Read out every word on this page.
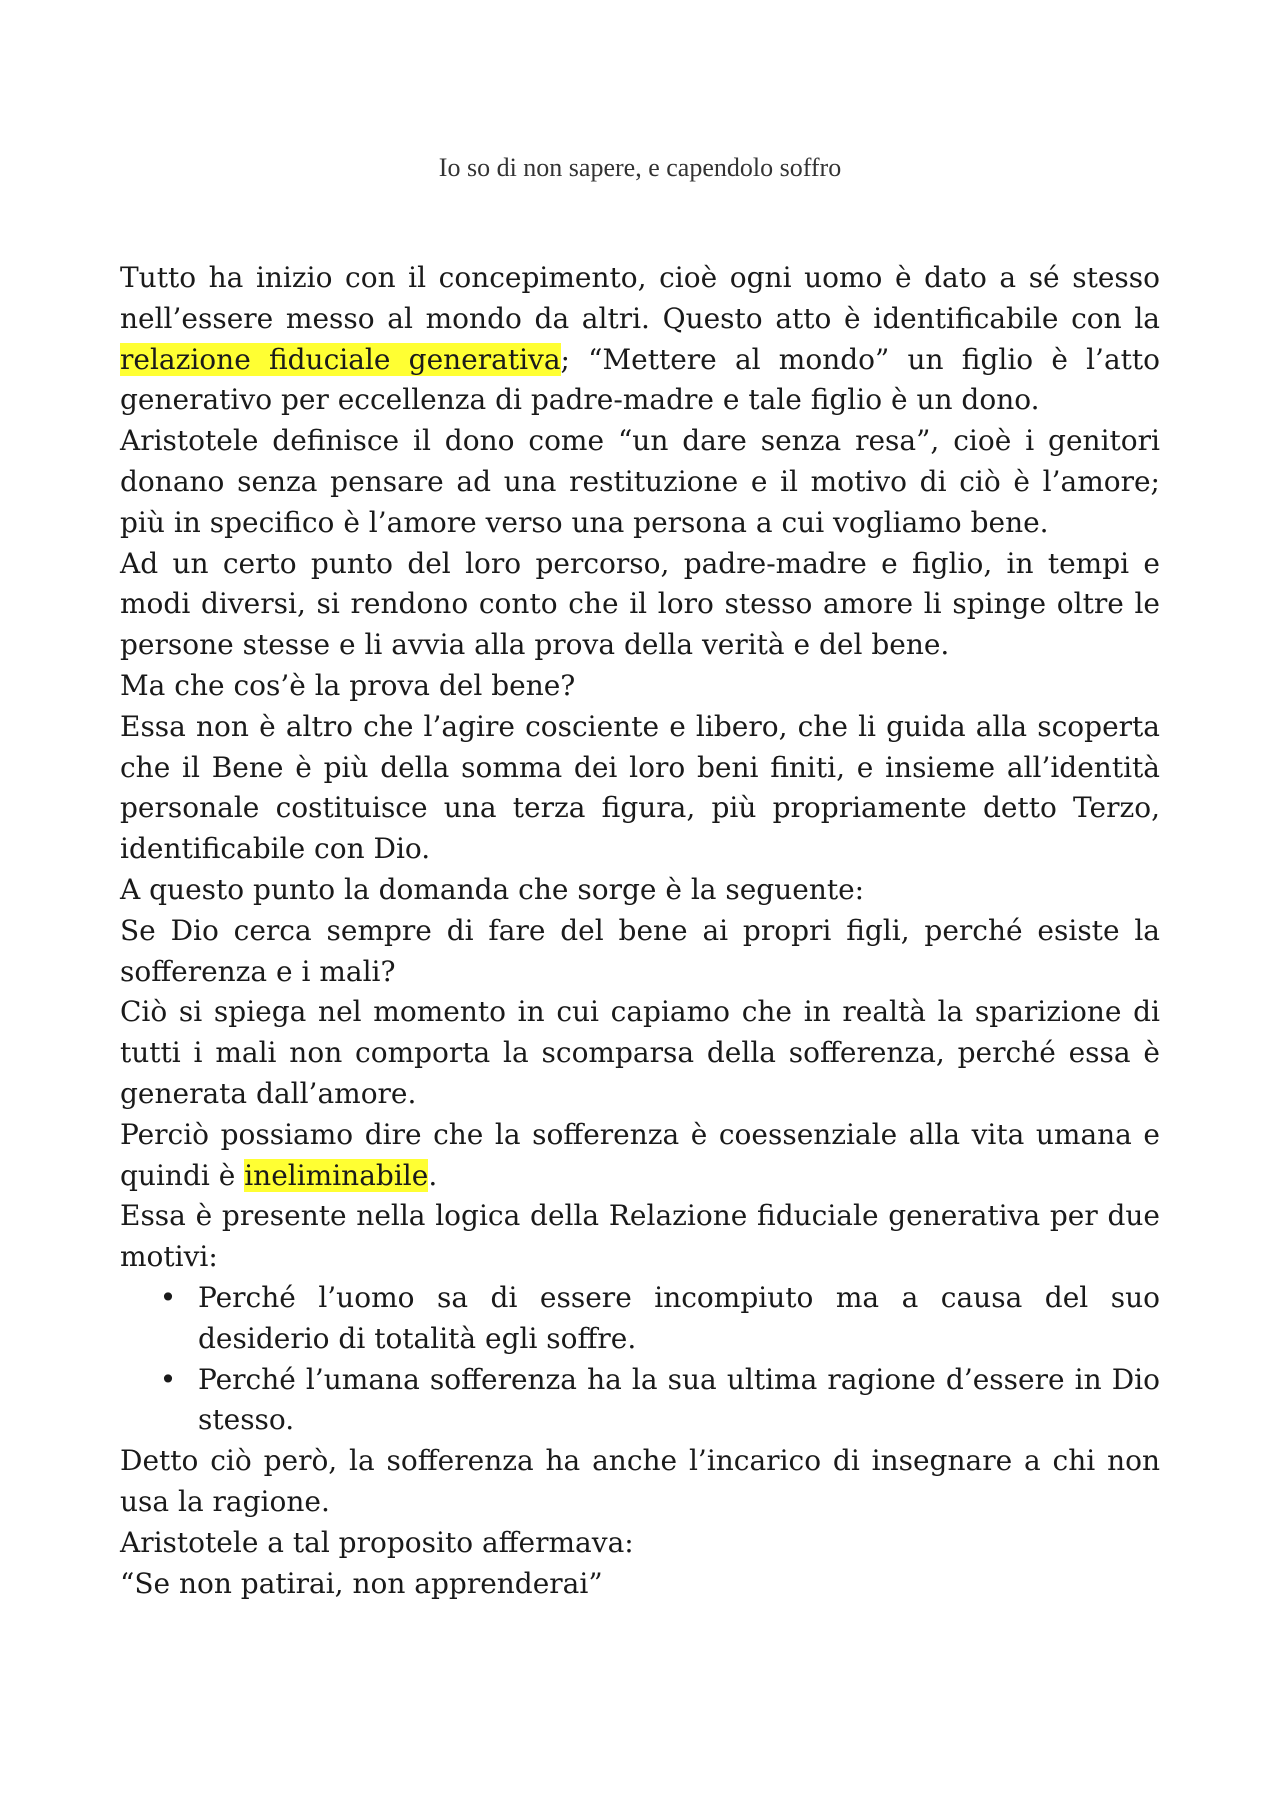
Io so di non sapere, e capendolo soffro

Tutto ha inizio con il concepimento, cioè ogni uomo è dato a sé stesso nell’essere messo al mondo da altri. Questo atto è identificabile con la relazione fiduciale generativa; “Mettere al mondo” un figlio è l’atto generativo per eccellenza di padre-madre e tale figlio è un dono.

Aristotele definisce il dono come “un dare senza resa”, cioè i genitori donano senza pensare ad una restituzione e il motivo di ciò è l’amore; più in specifico è l’amore verso una persona a cui vogliamo bene.

Ad un certo punto del loro percorso, padre-madre e figlio, in tempi e modi diversi, si rendono conto che il loro stesso amore li spinge oltre le persone stesse e li avvia alla prova della verità e del bene.

Ma che cos’è la prova del bene?

Essa non è altro che l’agire cosciente e libero, che li guida alla scoperta che il Bene è più della somma dei loro beni finiti, e insieme all’identità personale costituisce una terza figura, più propriamente detto Terzo, identificabile con Dio.

A questo punto la domanda che sorge è la seguente:

Se Dio cerca sempre di fare del bene ai propri figli, perché esiste la sofferenza e i mali?

Ciò si spiega nel momento in cui capiamo che in realtà la sparizione di tutti i mali non comporta la scomparsa della sofferenza, perché essa è generata dall’amore.

Perciò possiamo dire che la sofferenza è coessenziale alla vita umana e quindi è ineliminabile.

Essa è presente nella logica della Relazione fiduciale generativa per due motivi:

• Perché l’uomo sa di essere incompiuto ma a causa del suo desiderio di totalità egli soffre.
• Perché l’umana sofferenza ha la sua ultima ragione d’essere in Dio stesso.

Detto ciò però, la sofferenza ha anche l’incarico di insegnare a chi non usa la ragione.

Aristotele a tal proposito affermava:

“Se non patirai, non apprenderai”
